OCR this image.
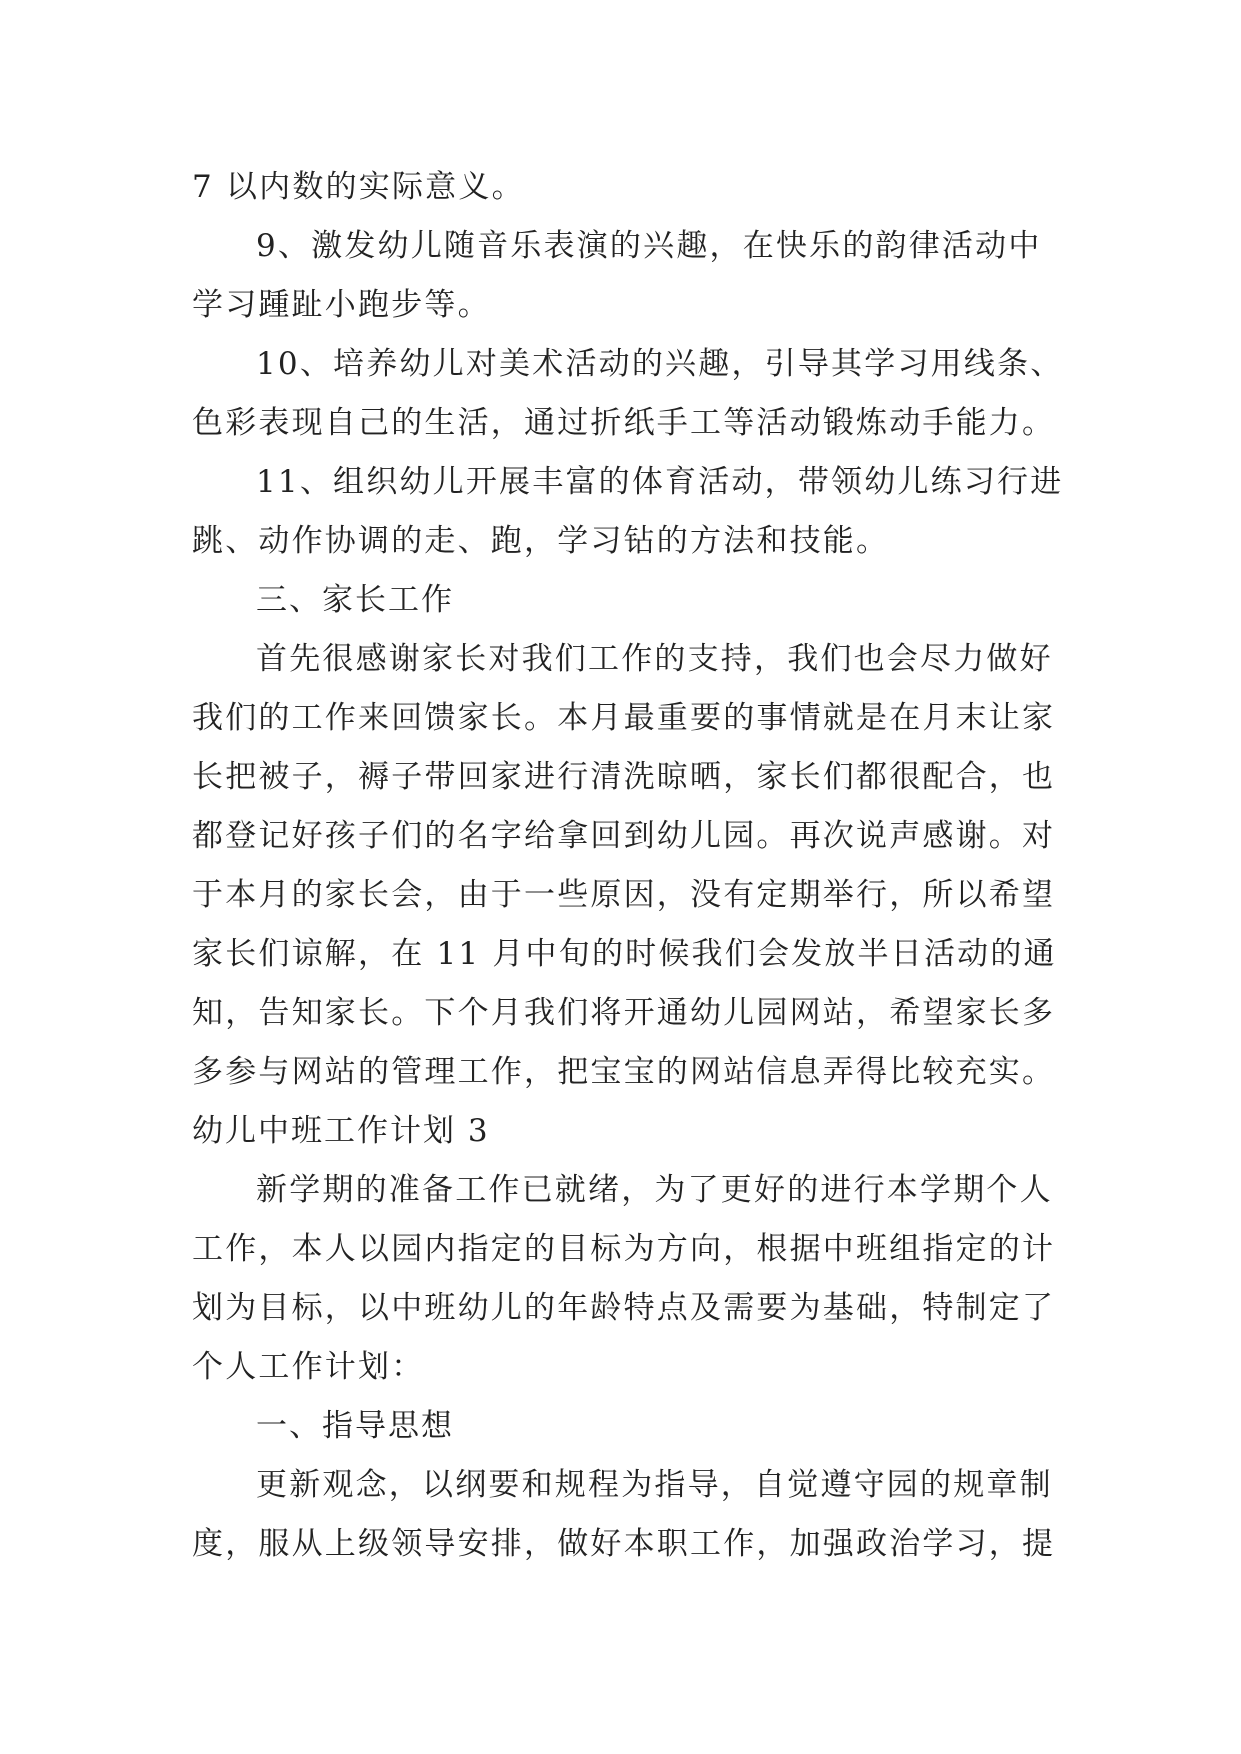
7 以内数的实际意义。
9、激发幼儿随音乐表演的兴趣，在快乐的韵律活动中
学习踵趾小跑步等。
10、培养幼儿对美术活动的兴趣，引导其学习用线条、
色彩表现自己的生活，通过折纸手工等活动锻炼动手能力。
11、组织幼儿开展丰富的体育活动，带领幼儿练习行进
跳、动作协调的走、跑，学习钻的方法和技能。
三、家长工作
首先很感谢家长对我们工作的支持，我们也会尽力做好
我们的工作来回馈家长。本月最重要的事情就是在月末让家
长把被子，褥子带回家进行清洗晾晒，家长们都很配合，也
都登记好孩子们的名字给拿回到幼儿园。再次说声感谢。对
于本月的家长会，由于一些原因，没有定期举行，所以希望
家长们谅解，在 11 月中旬的时候我们会发放半日活动的通
知，告知家长。下个月我们将开通幼儿园网站，希望家长多
多参与网站的管理工作，把宝宝的网站信息弄得比较充实。
幼儿中班工作计划 3
新学期的准备工作已就绪，为了更好的进行本学期个人
工作，本人以园内指定的目标为方向，根据中班组指定的计
划为目标，以中班幼儿的年龄特点及需要为基础，特制定了
个人工作计划：
一、指导思想
更新观念，以纲要和规程为指导，自觉遵守园的规章制
度，服从上级领导安排，做好本职工作，加强政治学习，提
